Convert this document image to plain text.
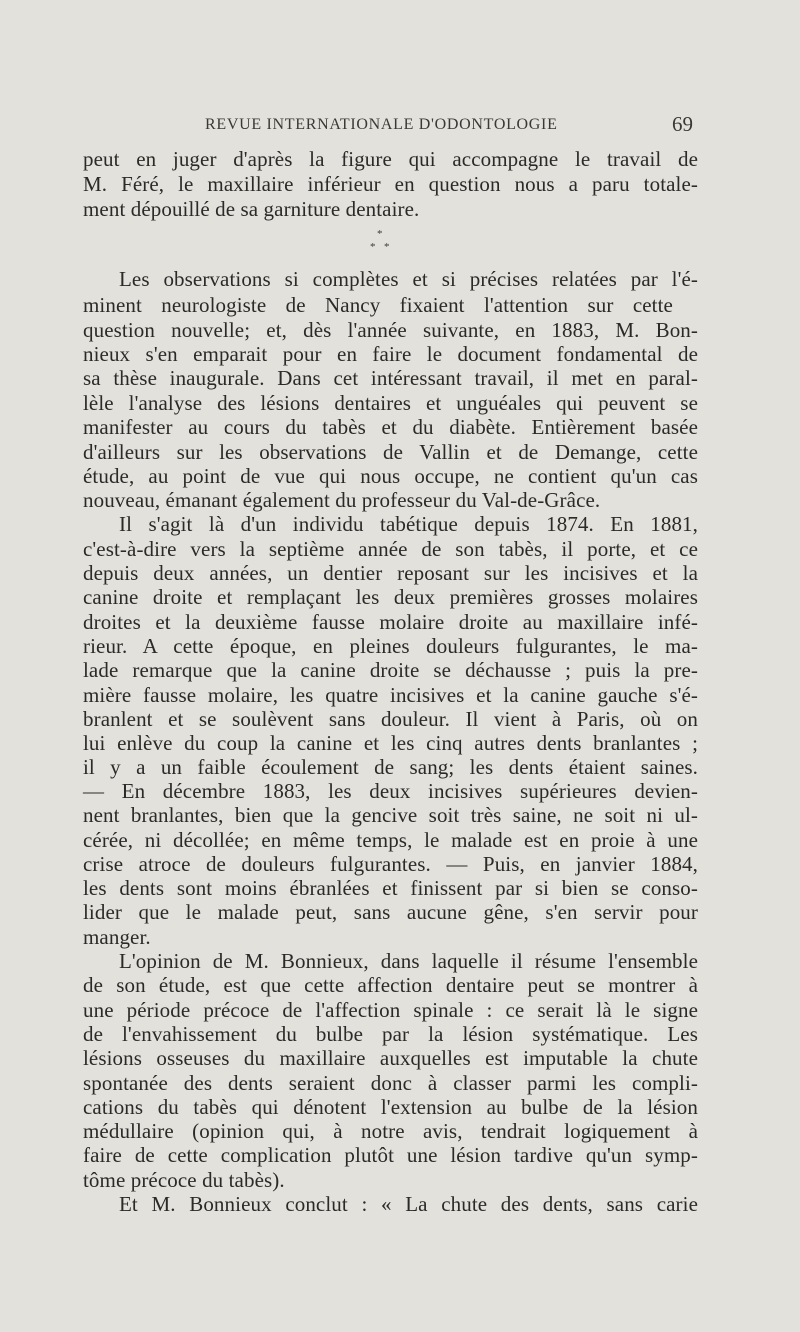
REVUE INTERNATIONALE D'ODONTOLOGIE	69
*
* *
peut en juger d'après la figure qui accompagne le travail de
M. Féré, le maxillaire inférieur en question nous a paru totale-
ment dépouillé de sa garniture dentaire.
Les observations si complètes et si précises relatées par l'é-
minent neurologiste de Nancy fixaient l'attention sur cette
question nouvelle; et, dès l'année suivante, en 1883, M. Bon-
nieux s'en emparait pour en faire le document fondamental de
sa thèse inaugurale. Dans cet intéressant travail, il met en paral-
lèle l'analyse des lésions dentaires et unguéales qui peuvent se
manifester au cours du tabès et du diabète. Entièrement basée
d'ailleurs sur les observations de Vallin et de Demange, cette
étude, au point de vue qui nous occupe, ne contient qu'un cas
nouveau, émanant également du professeur du Val-de-Grâce.
Il s'agit là d'un individu tabétique depuis 1874. En 1881,
c'est-à-dire vers la septième année de son tabès, il porte, et ce
depuis deux années, un dentier reposant sur les incisives et la
canine droite et remplaçant les deux premières grosses molaires
droites et la deuxième fausse molaire droite au maxillaire infé-
rieur. A cette époque, en pleines douleurs fulgurantes, le ma-
lade remarque que la canine droite se déchausse ; puis la pre-
mière fausse molaire, les quatre incisives et la canine gauche s'é-
branlent et se soulèvent sans douleur. Il vient à Paris, où on
lui enlève du coup la canine et les cinq autres dents branlantes ;
il y a un faible écoulement de sang; les dents étaient saines.
— En décembre 1883, les deux incisives supérieures devien-
nent branlantes, bien que la gencive soit très saine, ne soit ni ul-
cérée, ni décollée; en même temps, le malade est en proie à une
crise atroce de douleurs fulgurantes. — Puis, en janvier 1884,
les dents sont moins ébranlées et finissent par si bien se conso-
lider que le malade peut, sans aucune gêne, s'en servir pour
manger.
L'opinion de M. Bonnieux, dans laquelle il résume l'ensemble
de son étude, est que cette affection dentaire peut se montrer à
une période précoce de l'affection spinale : ce serait là le signe
de l'envahissement du bulbe par la lésion systématique. Les
lésions osseuses du maxillaire auxquelles est imputable la chute
spontanée des dents seraient donc à classer parmi les compli-
cations du tabès qui dénotent l'extension au bulbe de la lésion
médullaire (opinion qui, à notre avis, tendrait logiquement à
faire de cette complication plutôt une lésion tardive qu'un symp-
tôme précoce du tabès).
Et M. Bonnieux conclut : « La chute des dents, sans carie
